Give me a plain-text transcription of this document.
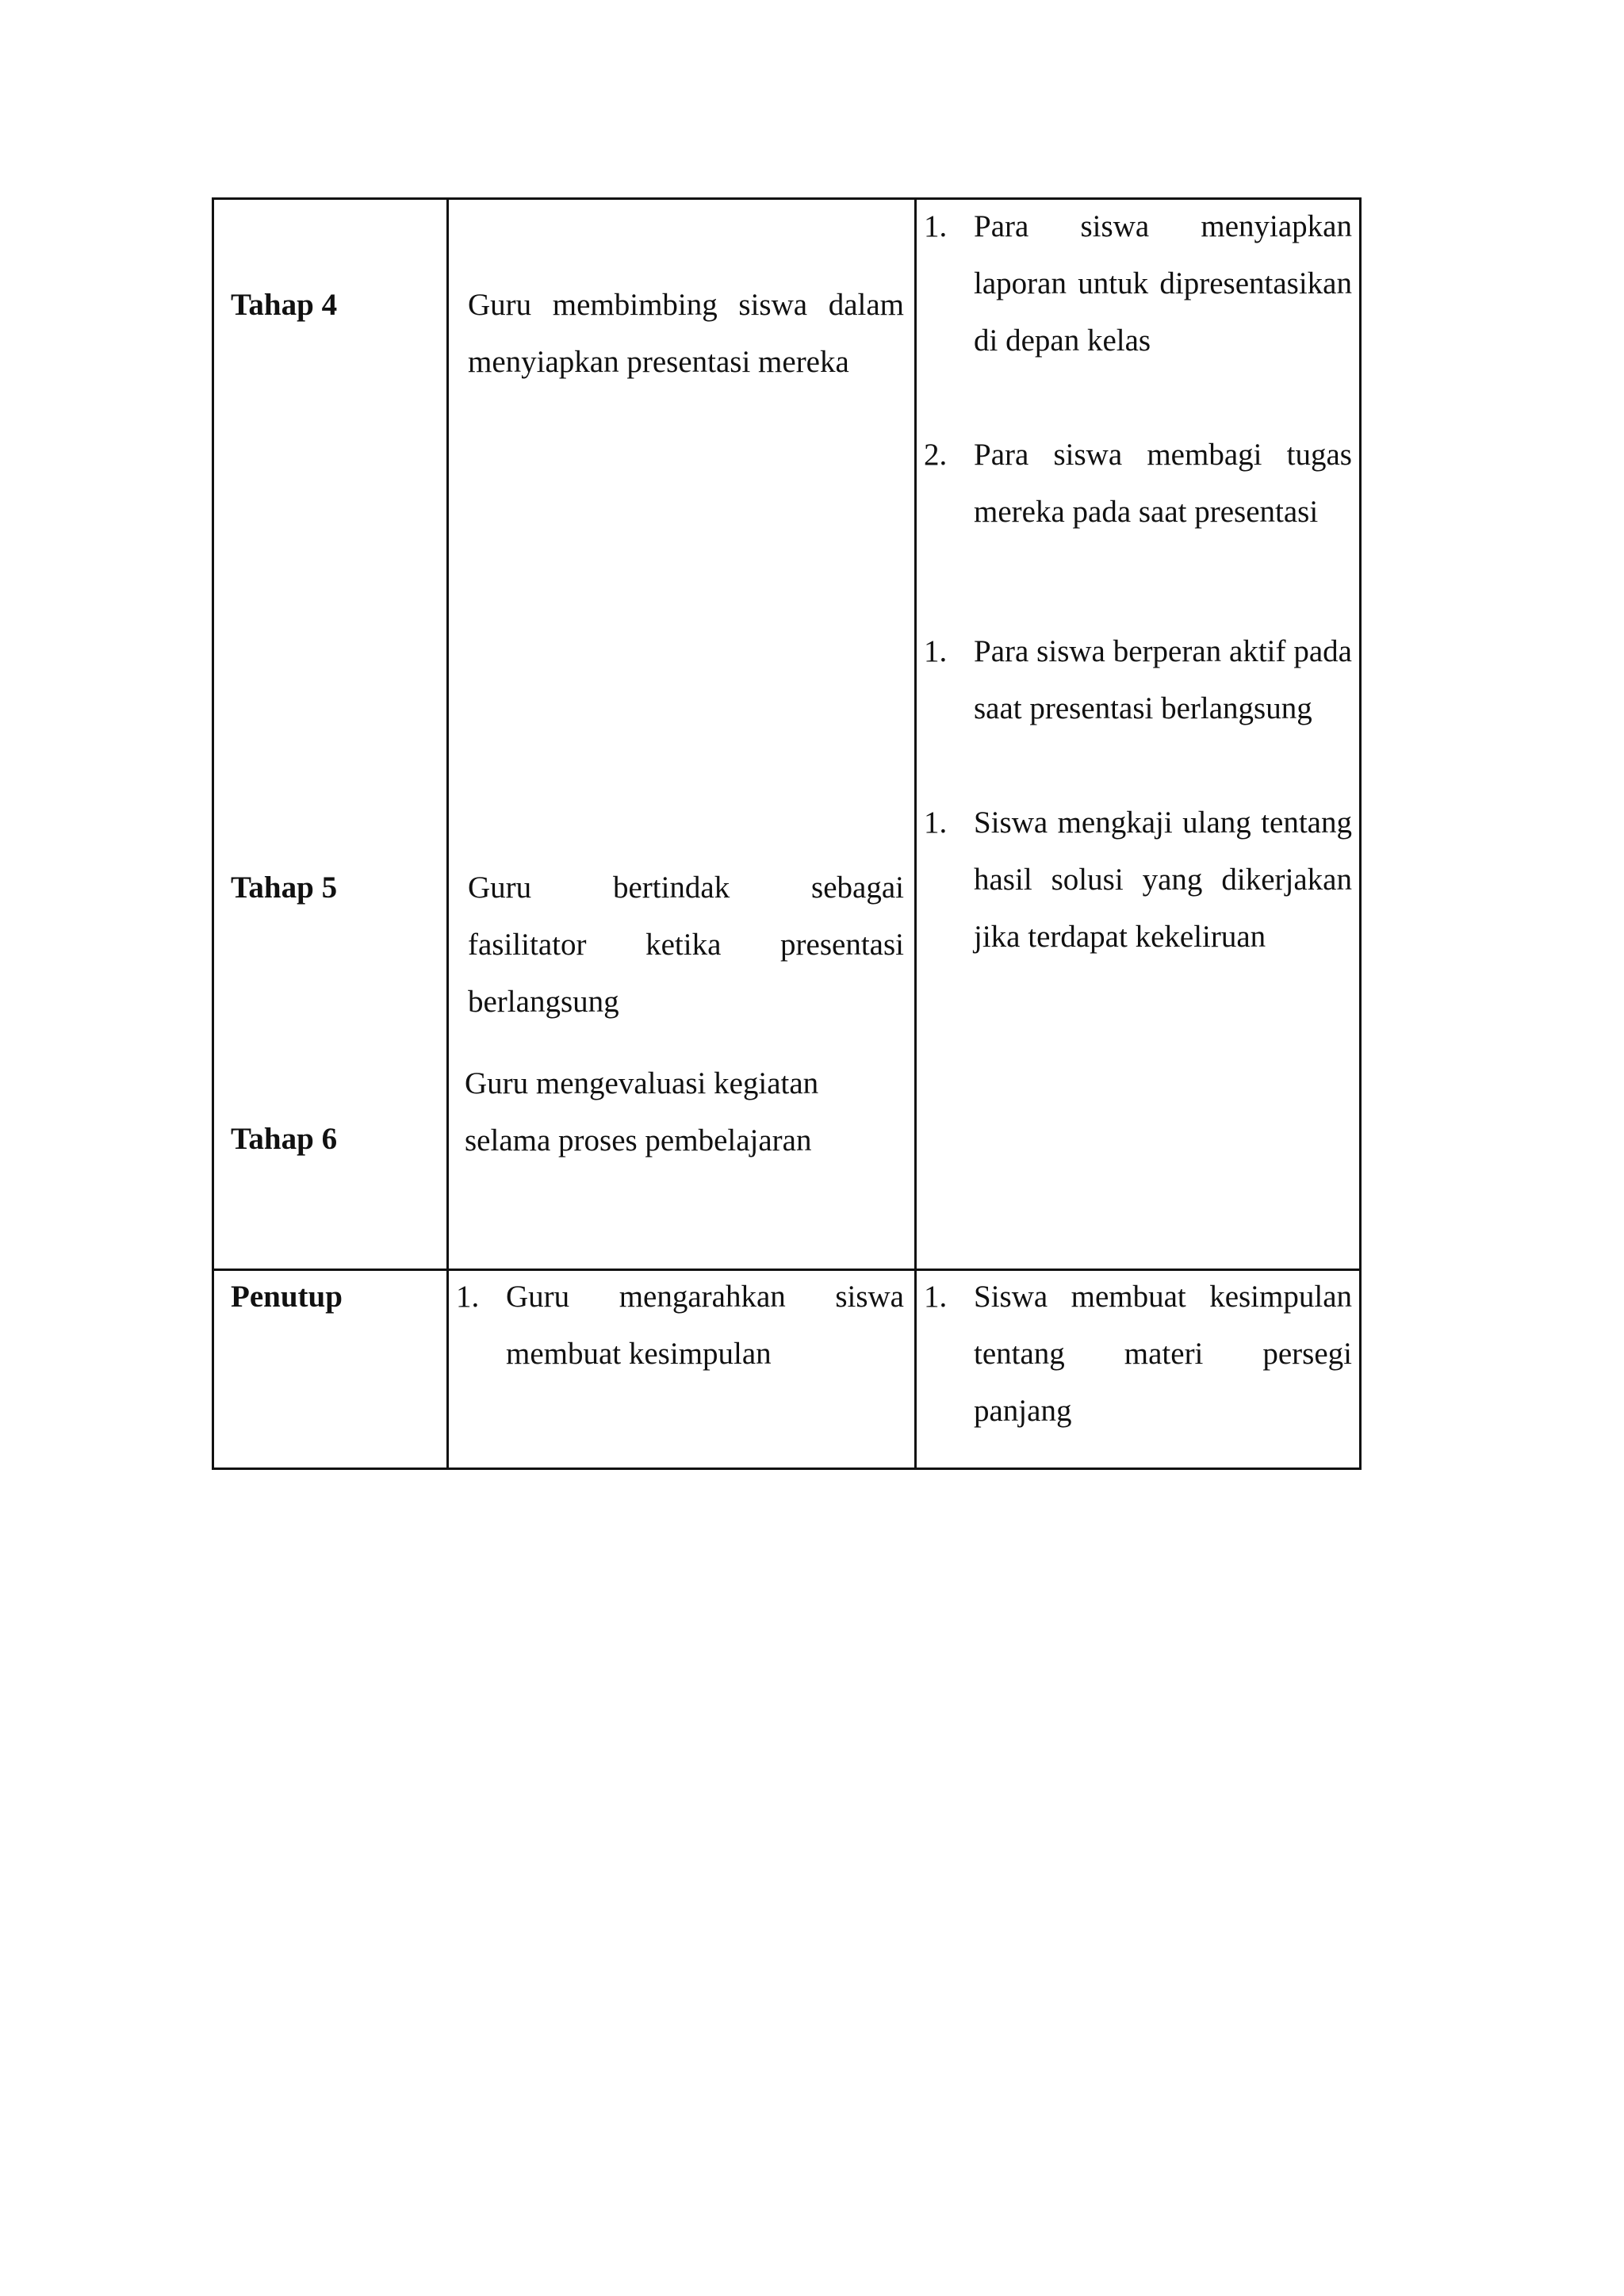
Tahap 4
Tahap 5
Tahap 6
Penutup
Guru membimbing siswa dalam menyiapkan presentasi mereka
Guru bertindak sebagai
fasilitator ketika presentasi
berlangsung
Guru mengevaluasi kegiatan
selama proses pembelajaran
1. Guru mengarahkan siswa
membuat kesimpulan
1. Para siswa menyiapkan laporan untuk dipresentasikan di depan kelas
2. Para siswa membagi tugas mereka pada saat presentasi
1. Para siswa berperan aktif pada saat presentasi berlangsung
1. Siswa mengkaji ulang tentang hasil solusi yang dikerjakan jika terdapat kekeliruan
1. Siswa membuat kesimpulan tentang materi persegi panjang
